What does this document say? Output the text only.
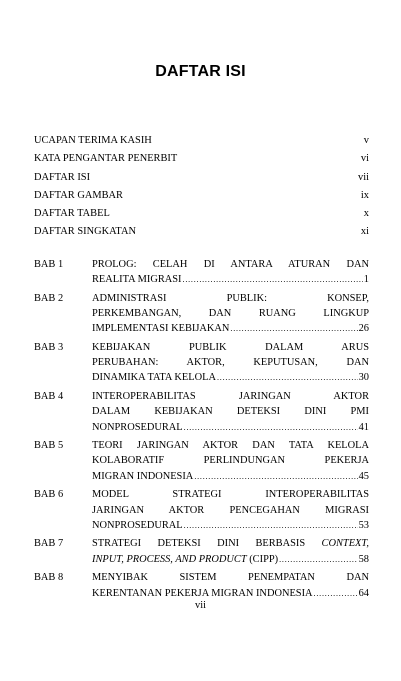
DAFTAR ISI
UCAPAN TERIMA KASIH .....	v
KATA PENGANTAR PENERBIT .....	vi
DAFTAR ISI .....	vii
DAFTAR GAMBAR .....	ix
DAFTAR TABEL .....	x
DAFTAR SINGKATAN .....	xi
BAB 1	PROLOG: CELAH DI ANTARA ATURAN DAN
REALITA MIGRASI .....	1
BAB 2	ADMINISTRASI PUBLIK: KONSEP,
PERKEMBANGAN, DAN RUANG LINGKUP
IMPLEMENTASI KEBIJAKAN .....	26
BAB 3	KEBIJAKAN PUBLIK DALAM ARUS
PERUBAHAN: AKTOR, KEPUTUSAN, DAN
DINAMIKA TATA KELOLA .....	30
BAB 4	INTEROPERABILITAS JARINGAN AKTOR
DALAM KEBIJAKAN DETEKSI DINI PMI
NONPROSEDURAL .....	41
BAB 5	TEORI JARINGAN AKTOR DAN TATA KELOLA
KOLABORATIF PERLINDUNGAN PEKERJA
MIGRAN INDONESIA .....	45
BAB 6	MODEL STRATEGI INTEROPERABILITAS
JARINGAN AKTOR PENCEGAHAN MIGRASI
NONPROSEDURAL .....	53
BAB 7	STRATEGI DETEKSI DINI BERBASIS CONTEXT,
INPUT, PROCESS, AND PRODUCT (CIPP) .....	58
BAB 8	MENYIBAK SISTEM PENEMPATAN DAN
KERENTANAN PEKERJA MIGRAN INDONESIA .....	64
vii
